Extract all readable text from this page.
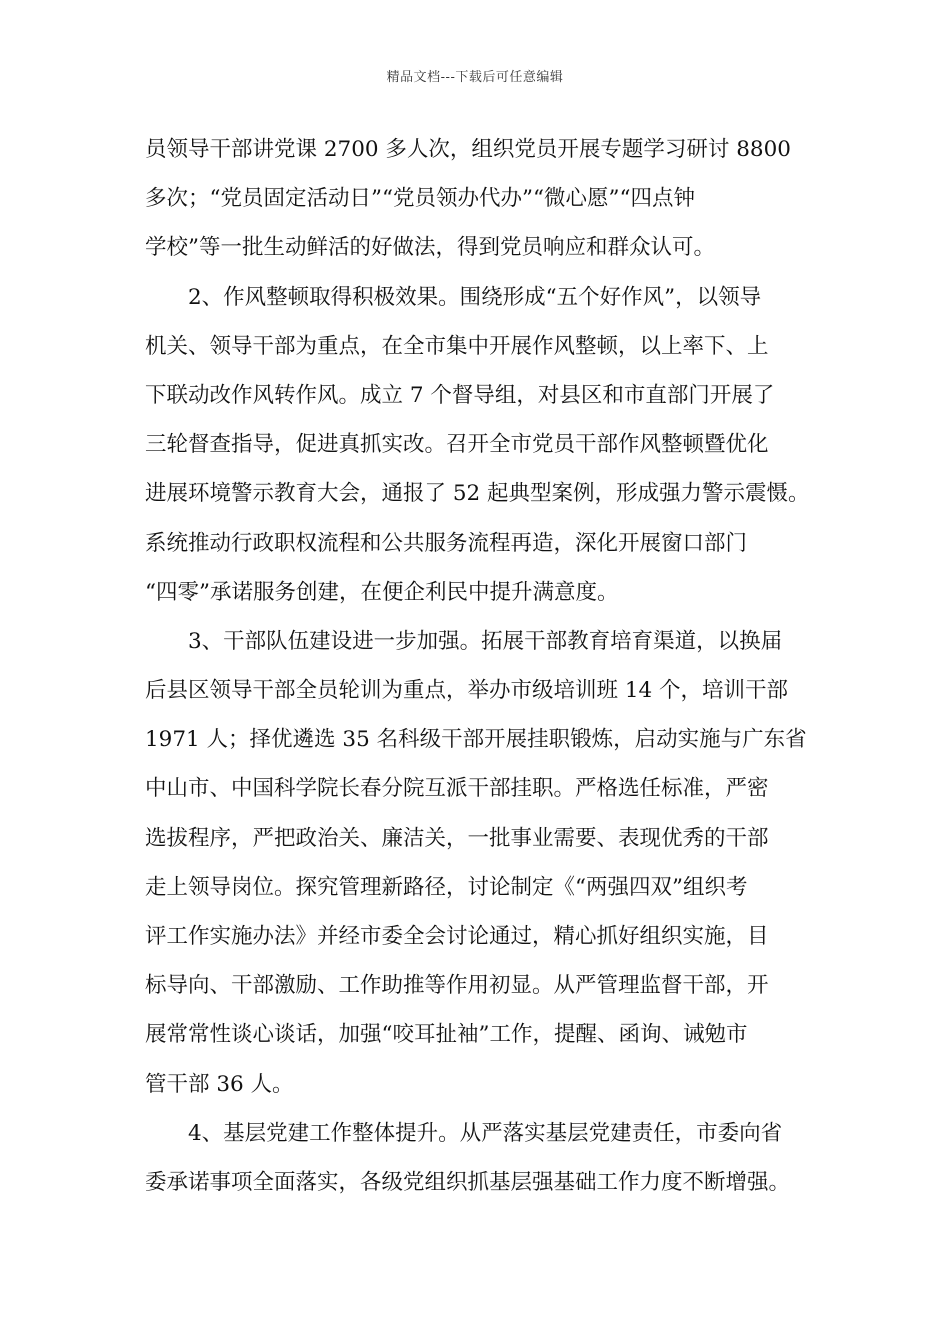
精品文档---下载后可任意编辑
员领导干部讲党课 2700 多人次，组织党员开展专题学习研讨 8800
多次；“党员固定活动日”“党员领办代办”“微心愿”“四点钟
学校”等一批生动鲜活的好做法，得到党员响应和群众认可。
2、作风整顿取得积极效果。围绕形成“五个好作风”，以领导
机关、领导干部为重点，在全市集中开展作风整顿，以上率下、上
下联动改作风转作风。成立 7 个督导组，对县区和市直部门开展了
三轮督查指导，促进真抓实改。召开全市党员干部作风整顿暨优化
进展环境警示教育大会，通报了 52 起典型案例，形成强力警示震慑。
系统推动行政职权流程和公共服务流程再造，深化开展窗口部门
“四零”承诺服务创建，在便企利民中提升满意度。
3、干部队伍建设进一步加强。拓展干部教育培育渠道，以换届
后县区领导干部全员轮训为重点，举办市级培训班 14 个，培训干部
1971 人；择优遴选 35 名科级干部开展挂职锻炼，启动实施与广东省
中山市、中国科学院长春分院互派干部挂职。严格选任标准，严密
选拔程序，严把政治关、廉洁关，一批事业需要、表现优秀的干部
走上领导岗位。探究管理新路径，讨论制定《“两强四双”组织考
评工作实施办法》并经市委全会讨论通过，精心抓好组织实施，目
标导向、干部激励、工作助推等作用初显。从严管理监督干部，开
展常常性谈心谈话，加强“咬耳扯袖”工作，提醒、函询、诫勉市
管干部 36 人。
4、基层党建工作整体提升。从严落实基层党建责任，市委向省
委承诺事项全面落实，各级党组织抓基层强基础工作力度不断增强。
